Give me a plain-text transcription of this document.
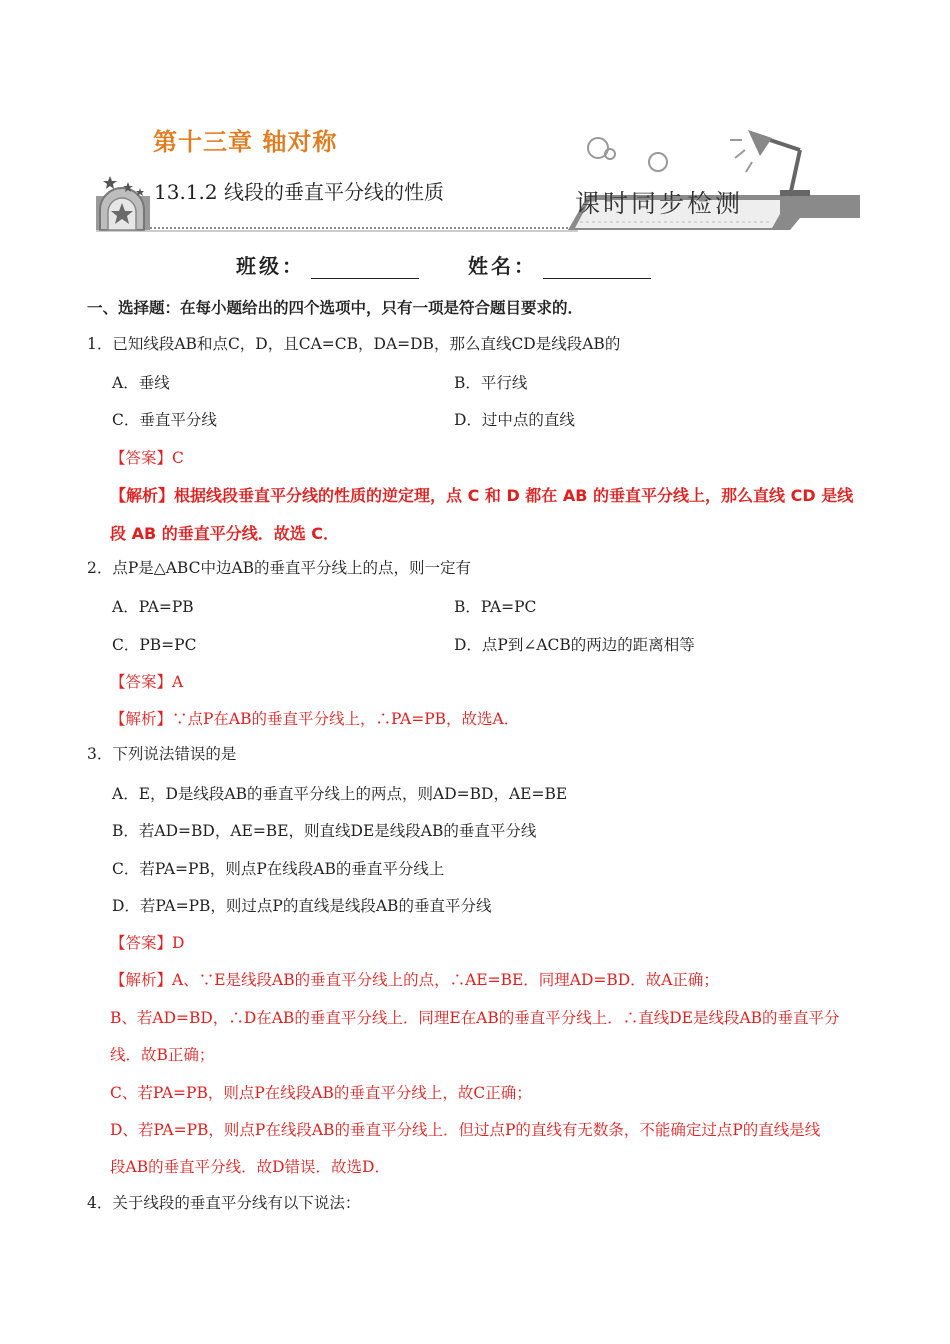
第十三章 轴对称
13.1.2 线段的垂直平分线的性质	课时同步检测
班级：	姓名：
一、选择题：在每小题给出的四个选项中，只有一项是符合题目要求的．
1．已知线段AB和点C，D，且CA=CB，DA=DB，那么直线CD是线段AB的
A．垂线	B．平行线
C．垂直平分线	D．过中点的直线
【答案】C
【解析】根据线段垂直平分线的性质的逆定理，点 C 和 D 都在 AB 的垂直平分线上，那么直线 CD 是线
段 AB 的垂直平分线．故选 C．
2．点P是△ABC中边AB的垂直平分线上的点，则一定有
A．PA=PB	B．PA=PC
C．PB=PC	D．点P到∠ACB的两边的距离相等
【答案】A
【解析】∵点P在AB的垂直平分线上，∴PA=PB，故选A．
3．下列说法错误的是
A．E，D是线段AB的垂直平分线上的两点，则AD=BD，AE=BE
B．若AD=BD，AE=BE，则直线DE是线段AB的垂直平分线
C．若PA=PB，则点P在线段AB的垂直平分线上
D．若PA=PB，则过点P的直线是线段AB的垂直平分线
【答案】D
【解析】A、∵E是线段AB的垂直平分线上的点，∴AE=BE．同理AD=BD．故A正确；
B、若AD=BD，∴D在AB的垂直平分线上．同理E在AB的垂直平分线上．∴直线DE是线段AB的垂直平分
线．故B正确；
C、若PA=PB，则点P在线段AB的垂直平分线上，故C正确；
D、若PA=PB，则点P在线段AB的垂直平分线上．但过点P的直线有无数条，不能确定过点P的直线是线
段AB的垂直平分线．故D错误．故选D．
4．关于线段的垂直平分线有以下说法：
